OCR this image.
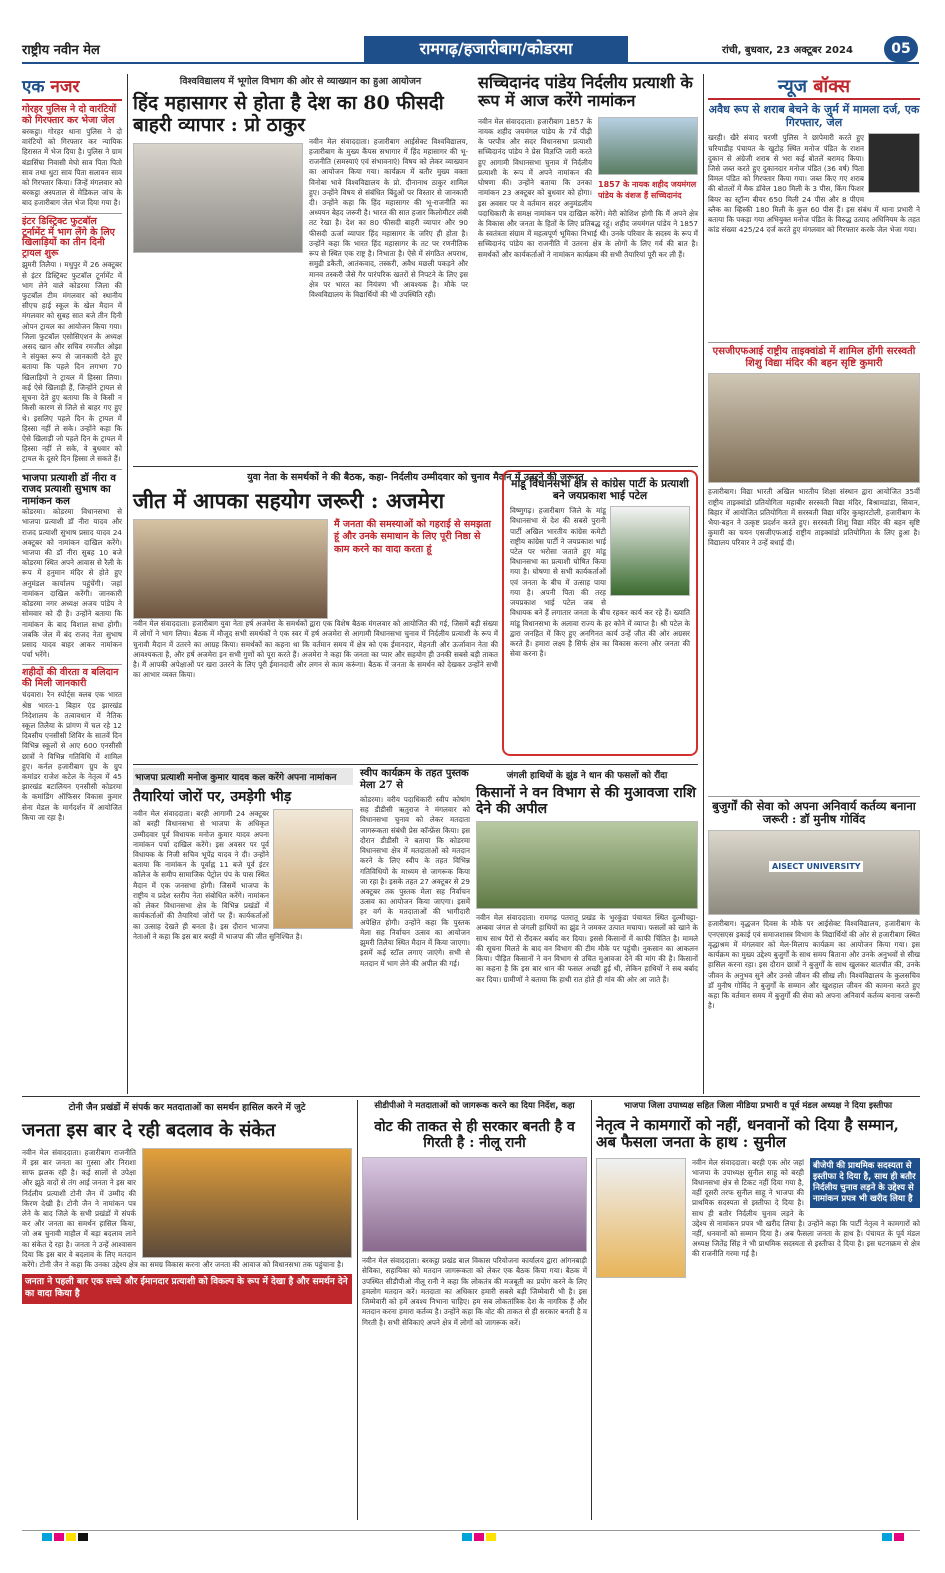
राष्ट्रीय नवीन मेल	रामगढ़/हजारीबाग/कोडरमा	रांची, बुधवार, 23 अक्टूबर 2024	05
एक नजर
गोरहर पुलिस ने दो वारंटियों को गिरफ्तार कर भेजा जेल
बरकट्ठा। गोरहर थाना पुलिस ने दो वारंटियों को गिरफ्तार कर न्यायिक हिरासत में भेज दिया है। पुलिस ने ग्राम बंडासिंघा निवासी मेघो साव पिता पितो साव तथा धुटा साव पिता सलावन साव को गिरफ्तार किया। जिन्हें मंगलवार को बरकट्ठा अस्पताल से मेडिकल जांच के बाद हजारीबाग जेल भेज दिया गया है।
इंटर डिस्ट्रिक्ट फुटबॉल टूर्नामेंट में भाग लेंगे के लिए खिलाड़ियों का तीन दिनी ट्रायल शुरू
झुमरी तिलैया । मधुपुर में 26 अक्टूबर से इंटर डिस्ट्रिक्ट फुटबॉल टूर्नामेंट में भाग लेने वाले कोडरमा जिला की फुटबॉल टीम मंगलवार को स्थानीय सीएच हाई स्कूल के खेल मैदान में मंगलवार को सुबह सात बजे तीन दिनी ओपन ट्रायल का आयोजन किया गया। जिला फुटबॉल एसोसिएशन के अध्यक्ष असद खान और सचिव रमजीत ओझा ने संयुक्त रूप से जानकारी देते हुए बताया कि पहले दिन लगभग 70 खिलाड़ियों ने ट्रायल में हिस्सा लिया। कई ऐसे खिलाड़ी हैं, जिन्होंने ट्रायल से सूचना देते हुए बताया कि वे किसी न किसी कारण से जिले से बाहर गए हुए थे। इसलिए पहले दिन के ट्रायल में हिस्सा नहीं ले सके। उन्होंने कहा कि ऐसे खिलाड़ी जो पहले दिन के ट्रायल में हिस्सा नहीं ले सके, वे बुधवार को ट्रायल के दूसरे दिन हिस्सा ले सकते हैं।
भाजपा प्रत्याशी डॉ नीरा व राजद प्रत्याशी सुभाष का नामांकन कल
कोडरमा। कोडरमा विधानसभा से भाजपा प्रत्याशी डॉ नीरा यादव और राजद प्रत्याशी सुभाष प्रसाद यादव 24 अक्टूबर को नामांकन दाखिल करेंगे। भाजपा की डॉ नीरा सुबह 10 बजे कोडरमा स्थित अपने आवास से रैली के रूप में हनुमान मंदिर से होते हुए अनुमंडल कार्यालय पहुंचेंगी। जहां नामांकन दाखिल करेंगी। जानकारी कोडरमा नगर अध्यक्ष अजय पांडेय ने सोमवार को दी है। उन्होंने बताया कि नामांकन के बाद विशाल सभा होगी। जबकि जेल में बंद राजद नेता सुभाष प्रसाद यादव बाहर आकर नामांकन पर्चा भरेंगे।
शहीदों की वीरता व बलिदान की मिली जानकारी
चंदवारा। रैन स्पोर्ट्स क्लब एक भारत श्रेष्ठ भारत-1 बिहार एंड झारखंड निदेशालय के तत्वावधान में नैतिक स्कूल तिलैया के प्रांगण में चल रहे 12 दिवसीय एनसीसी शिविर के सातवें दिन विभिन्न स्कूलों से आए 600 एनसीसी छात्रों ने विभिन्न गतिविधि में शामिल हुए। कर्नल हजारीबाग ग्रुप के ग्रुप कमांडर राजेश कटेल के नेतृत्व में 45 झारखंड बटालियन एनसीसी कोडरमा के कमांडिंग ऑफिसर विकास कुमार सेना मेडल के मार्गदर्शन में आयोजित किया जा रहा है।
विश्वविद्यालय में भूगोल विभाग की ओर से व्याख्यान का हुआ आयोजन
हिंद महासागर से होता है देश का 80 फीसदी बाहरी व्यापार : प्रो ठाकुर
नवीन मेल संवाददाता। हजारीबाग आईसेक्ट विश्वविद्यालय, हजारीबाग के मुख्य कैंपस सभागार में हिंद महासागर की भू-राजनीति (समस्याएं एवं संभावनाएं) विषय को लेकर व्याख्यान का आयोजन किया गया। कार्यक्रम में बतौर मुख्य वक्ता विनोबा भावे विश्वविद्यालय के प्रो. दीनानाथ ठाकुर शामिल हुए। उन्होंने विषय से संबंधित बिंदुओं पर विस्तार से जानकारी दी। उन्होंने कहा कि हिंद महासागर की भू-राजनीति का अध्ययन बेहद जरूरी है। भारत की सात हजार किलोमीटर लंबी तट रेखा है। देश का 80 फीसदी बाहरी व्यापार और 90 फीसदी ऊर्जा व्यापार हिंद महासागर के जरिए ही होता है। उन्होंने कहा कि भारत हिंद महासागर के तट पर रणनीतिक रूप से स्थित एक राष्ट्र है। निभाता है। ऐसे में संगठित अपराध, समुद्री डकैती, आतंकवाद, तस्करी, अवैध मछली पकड़ने और मानव तस्करी जैसे गैर पारंपरिक खतरों से निपटने के लिए इस क्षेत्र पर भारत का नियंत्रण भी आवश्यक है। मौके पर विश्वविद्यालय के विद्यार्थियों की भी उपस्थिति रही।
सच्चिदानंद पांडेय निर्दलीय प्रत्याशी के रूप में आज करेंगे नामांकन
1857 के नायक शहीद जयमंगल पांडेय के वंशज हैं सच्चिदानंद
नवीन मेल संवाददाता। हजारीबाग 1857 के नायक शहीद जयमंगल पांडेय के 7वें पीढ़ी के परपौत्र और सदर विधानसभा प्रत्याशी सच्चिदानंद पांडेय ने प्रेस विज्ञप्ति जारी करते हुए आगामी विधानसभा चुनाव में निर्दलीय प्रत्याशी के रूप में अपने नामांकन की घोषणा की। उन्होंने बताया कि उनका नामांकन 23 अक्टूबर को बुधवार को होगा। इस अवसर पर वे वर्तमान सदर अनुमंडलीय पदाधिकारी के समक्ष नामांकन पत्र दाखिल करेंगे। मेरी कोशिश होगी कि मैं अपने क्षेत्र के विकास और जनता के हितों के लिए प्रतिबद्ध रहूं। शहीद जयमंगल पांडेय ने 1857 के स्वतंत्रता संग्राम में महत्वपूर्ण भूमिका निभाई थी। उनके परिवार के सदस्य के रूप में सच्चिदानंद पांडेय का राजनीति में उतरना क्षेत्र के लोगों के लिए गर्व की बात है। समर्थकों और कार्यकर्ताओं ने नामांकन कार्यक्रम की सभी तैयारियां पूरी कर ली हैं।
न्यूज बॉक्स
अवैध रूप से शराब बेचने के जुर्म में मामला दर्ज, एक गिरफ्तार, जेल
खरही। खैरे संवाद चरणी पुलिस ने छापेमारी करते हुए चरियाडीह पंचायत के खुटोह स्थित मनोज पंडित के राशन दुकान से अंग्रेजी शराब से भरा कई बोतलें बरामद किया। जिसे जब्त करते हुए दुकानदार मनोज पंडित (36 वर्ष) पिता विमल पंडित को गिरफ्तार किया गया। जब्त किए गए शराब की बोतलों में मैक डॉवेल 180 मिली के 3 पीस, किंग फिशर बियर का स्ट्रॉन्ग बीयर 650 मिली 24 पीस और 8 पीएम ब्लैक का व्हिस्की 180 मिली के कुल 60 पीस हैं। इस संबंध में थाना प्रभारी ने बताया कि पकड़ा गया अभियुक्त मनोज पंडित के विरुद्ध उत्पाद अधिनियम के तहत कांड संख्या 425/24 दर्ज करते हुए मंगलवार को गिरफ्तार करके जेल भेजा गया।
एसजीएफआई राष्ट्रीय ताइक्वांडो में शामिल होंगी सरस्वती शिशु विद्या मंदिर की बहन सृष्टि कुमारी
हजारीबाग। विद्या भारती अखिल भारतीय शिक्षा संस्थान द्वारा आयोजित 35वीं राष्ट्रीय ताइक्वांडो प्रतियोगिता महाबीर सरस्वती विद्या मंदिर, बिश्रामडांडा, सिवान, बिहार में आयोजित प्रतियोगिता में सरस्वती विद्या मंदिर कुम्हारटोली, हजारीबाग के भैया-बहन ने उत्कृष्ट प्रदर्शन करते हुए। सरस्वती शिशु विद्या मंदिर की बहन सृष्टि कुमारी का चयन एसजीएफआई राष्ट्रीय ताइक्वांडो प्रतियोगिता के लिए हुआ है। विद्यालय परिवार ने उन्हें बधाई दी।
युवा नेता के समर्थकों ने की बैठक, कहा- निर्दलीय उम्मीदवार को चुनाव मैदान में उतरने की जरूरत
जीत में आपका सहयोग जरूरी : अजमेरा
मैं जनता की समस्याओं को गहराई से समझता हूं और उनके समाधान के लिए पूरी निष्ठा से काम करने का वादा करता हूं
नवीन मेल संवाददाता। हजारीबाग युवा नेता हर्ष अजमेरा के समर्थकों द्वारा एक विशेष बैठक मंगलवार को आयोजित की गई, जिसमें बड़ी संख्या में लोगों ने भाग लिया। बैठक में मौजूद सभी समर्थकों ने एक स्वर में हर्ष अजमेरा से आगामी विधानसभा चुनाव में निर्दलीय प्रत्याशी के रूप में चुनावी मैदान में उतरने का आग्रह किया। समर्थकों का कहना था कि वर्तमान समय में क्षेत्र को एक ईमानदार, मेहनती और ऊर्जावान नेता की आवश्यकता है, और हर्ष अजमेरा इन सभी गुणों को पूरा करते हैं। अजमेरा ने कहा कि जनता का प्यार और सहयोग ही उनकी सबसे बड़ी ताकत है। मैं आपकी अपेक्षाओं पर खरा उतरने के लिए पूरी ईमानदारी और लगन से काम करूंगा। बैठक में जनता के समर्थन को देखकर उन्होंने सभी का आभार व्यक्त किया।
मांडू विधानसभा क्षेत्र से कांग्रेस पार्टी के प्रत्याशी बने जयप्रकाश भाई पटेल
विष्णुगढ़। हजारीबाग जिले के मांडू विधानसभा से देश की सबसे पुरानी पार्टी अखिल भारतीय कांग्रेस कमेटी राष्ट्रीय कांग्रेस पार्टी ने जयप्रकाश भाई पटेल पर भरोसा जताते हुए मांडू विधानसभा का प्रत्याशी घोषित किया गया है। घोषणा से सभी कार्यकर्ताओं एवं जनता के बीच में उत्साह पाया गया है। अपनी पिता की तरह जयप्रकाश भाई पटेल जब से विधायक बने हैं लगातार जनता के बीच रहकर कार्य कर रहे हैं। ख्याति मांडू विधानसभा के अलावा राज्य के हर कोने में व्याप्त है। श्री पटेल के द्वारा जनहित में किए हुए अनगिनत कार्य उन्हें जीत की ओर अग्रसर करते हैं। हमारा लक्ष्य है सिर्फ क्षेत्र का विकास करना और जनता की सेवा करना है।
भाजपा प्रत्याशी मनोज कुमार यादव कल करेंगे अपना नामांकन
तैयारियां जोरों पर, उमड़ेगी भीड़
नवीन मेल संवाददाता। बरही आगामी 24 अक्टूबर को बरही विधानसभा से भाजपा के अधिकृत उम्मीदवार पूर्व विधायक मनोज कुमार यादव अपना नामांकन पर्चा दाखिल करेंगे। इस अवसर पर पूर्व विधायक के निजी सचिव भूपेंद्र यादव ने दी। उन्होंने बताया कि नामांकन के पूर्वाह्न 11 बजे पूर्व इंटर कॉलेज के समीप सामाजिक पेट्रोल पंप के पास स्थित मैदान में एक जनसभा होगी। जिसमें भाजपा के राष्ट्रीय व प्रदेश स्तरीय नेता संबोधित करेंगे। नामांकन को लेकर विधानसभा क्षेत्र के विभिन्न प्रखंडों में कार्यकर्ताओं की तैयारियां जोरों पर हैं। कार्यकर्ताओं का उत्साह देखते ही बनता है। इस दौरान भाजपा नेताओं ने कहा कि इस बार बरही में भाजपा की जीत सुनिश्चित है।
स्वीप कार्यक्रम के तहत पुस्तक मेला 27 से
कोडरमा। वरीय पदाधिकारी स्वीप कोषांग सह डीडीसी ऋतुराज ने मंगलवार को विधानसभा चुनाव को लेकर मतदाता जागरूकता संबंधी प्रेस कॉन्फ्रेंस किया। इस दौरान डीडीसी ने बताया कि कोडरमा विधानसभा क्षेत्र में मतदाताओं को मतदान करने के लिए स्वीप के तहत विभिन्न गतिविधियों के माध्यम से जागरूक किया जा रहा है। इसके तहत 27 अक्टूबर से 29 अक्टूबर तक पुस्तक मेला सह निर्वाचन उत्सव का आयोजन किया जाएगा। इसमें हर वर्ग के मतदाताओं की भागीदारी अपेक्षित होगी। उन्होंने कहा कि पुस्तक मेला सह निर्वाचन उत्सव का आयोजन झुमरी तिलैया स्थित मैदान में किया जाएगा। इसमें कई स्टॉल लगाए जाएंगे। सभी से मतदान में भाग लेने की अपील की गई।
जंगली हाथियों के झुंड ने धान की फसलों को रौंदा
किसानों ने वन विभाग से की मुआवजा राशि देने की अपील
नवीन मेल संवाददाता। रामगढ़ पतरातू प्रखंड के भुरकुंडा पंचायत स्थित दुल्मीचट्टा-अम्बवा जंगल से जंगली हाथियों का झुंड ने जमकर उत्पात मचाया। फसलों को खाने के साथ साथ पैरों से रौंदकर बर्बाद कर दिया। इससे किसानों में काफी चिंतित है। मामले की सूचना मिलते के बाद वन विभाग की टीम मौके पर पहुंची। नुकसान का आकलन किया। पीड़ित किसानों ने वन विभाग से उचित मुआवजा देने की मांग की है। किसानों का कहना है कि इस बार धान की फसल अच्छी हुई थी, लेकिन हाथियों ने सब बर्बाद कर दिया। ग्रामीणों ने बताया कि हाथी रात होते ही गांव की ओर आ जाते हैं।
बुजुर्गों की सेवा को अपना अनिवार्य कर्तव्य बनाना जरूरी : डॉ मुनीष गोविंद
AISECT UNIVERSITY
हजारीबाग। वृद्धजन दिवस के मौके पर आईसेक्ट विश्वविद्यालय, हजारीबाग के एनएसएस इकाई एवं समाजशास्त्र विभाग के विद्यार्थियों की ओर से हजारीबाग स्थित वृद्धाश्रम में मंगलवार को मेल-मिलाप कार्यक्रम का आयोजन किया गया। इस कार्यक्रम का मुख्य उद्देश्य बुजुर्गों के साथ समय बिताना और उनके अनुभवों से सीख हासिल करना रहा। इस दौरान छात्रों ने बुजुर्गों के साथ खुलकर बातचीत की, उनके जीवन के अनुभव सुने और उनसे जीवन की सीख ली। विश्वविद्यालय के कुलसचिव डॉ मुनीष गोविंद ने बुजुर्गों के सम्मान और खुशहाल जीवन की कामना करते हुए कहा कि वर्तमान समय में बुजुर्गों की सेवा को अपना अनिवार्य कर्तव्य बनाना जरूरी है।
टोनी जैन प्रखंडों में संपर्क कर मतदाताओं का समर्थन हासिल करने में जुटे
जनता इस बार दे रही बदलाव के संकेत
नवीन मेल संवाददाता। हजारीबाग राजनीति में इस बार जनता का गुस्सा और निराशा साफ झलक रही है। कई सालों से उपेक्षा और झूठे वादों से तंग आई जनता ने इस बार निर्दलीय प्रत्याशी टोनी जैन में उम्मीद की किरण देखी है। टोनी जैन ने नामांकन पत्र लेने के बाद जिले के सभी प्रखंडों में संपर्क कर और जनता का समर्थन हासिल किया, जो अब चुनावी माहौल में बड़ा बदलाव लाने का संकेत दे रहा है। जनता ने उन्हें आश्वासन दिया कि इस बार वे बदलाव के लिए मतदान करेंगे। टोनी जैन ने कहा कि उनका उद्देश्य क्षेत्र का समग्र विकास करना और जनता की आवाज को विधानसभा तक पहुंचाना है।
जनता ने पहली बार एक सच्चे और ईमानदार प्रत्याशी को विकल्प के रूप में देखा है और समर्थन देने का वादा किया है
सीडीपीओ ने मतदाताओं को जागरूक करने का दिया निर्देश, कहा
वोट की ताकत से ही सरकार बनती है व गिरती है : नीलू रानी
नवीन मेल संवाददाता। बरकट्ठा प्रखंड बाल विकास परियोजना कार्यालय द्वारा आंगनबाड़ी सेविका, सहायिका को मतदान जागरूकता को लेकर एक बैठक किया गया। बैठक में उपस्थित सीडीपीओ नीलू रानी ने कहा कि लोकतंत्र की मजबूती का प्रयोग करने के लिए हमलोग मतदान करें। मतदाता का अधिकार हमारी सबसे बड़ी जिम्मेवारी भी है। इस जिम्मेवारी को हमें अवश्य निभाना चाहिए। हम सब लोकतांत्रिक देश के नागरिक हैं और मतदान करना हमारा कर्तव्य है। उन्होंने कहा कि वोट की ताकत से ही सरकार बनती है व गिरती है। सभी सेविकाएं अपने क्षेत्र में लोगों को जागरूक करें।
भाजपा जिला उपाध्यक्ष सहित जिला मीडिया प्रभारी व पूर्व मंडल अध्यक्ष ने दिया इस्तीफा
नेतृत्व ने कामगारों को नहीं, धनवानों को दिया है सम्मान, अब फैसला जनता के हाथ : सुनील
बीजेपी की प्राथमिक सदस्यता से इस्तीफा दे दिया है, साथ ही बतौर निर्दलीय चुनाव लड़ने के उद्देश्य से नामांकन प्रपत्र भी खरीद लिया है
नवीन मेल संवाददाता। बरही एक ओर जहां भाजपा के उपाध्यक्ष सुनील साहू को बरही विधानसभा क्षेत्र से टिकट नहीं दिया गया है, वहीं दूसरी तरफ सुनील साहू ने भाजपा की प्राथमिक सदस्यता से इस्तीफा दे दिया है। साथ ही बतौर निर्दलीय चुनाव लड़ने के उद्देश्य से नामांकन प्रपत्र भी खरीद लिया है। उन्होंने कहा कि पार्टी नेतृत्व ने कामगारों को नहीं, धनवानों को सम्मान दिया है। अब फैसला जनता के हाथ है। पंचायत के पूर्व मंडल अध्यक्ष जितेंद्र सिंह ने भी प्राथमिक सदस्यता से इस्तीफा दे दिया है। इस घटनाक्रम से क्षेत्र की राजनीति गरमा गई है।
